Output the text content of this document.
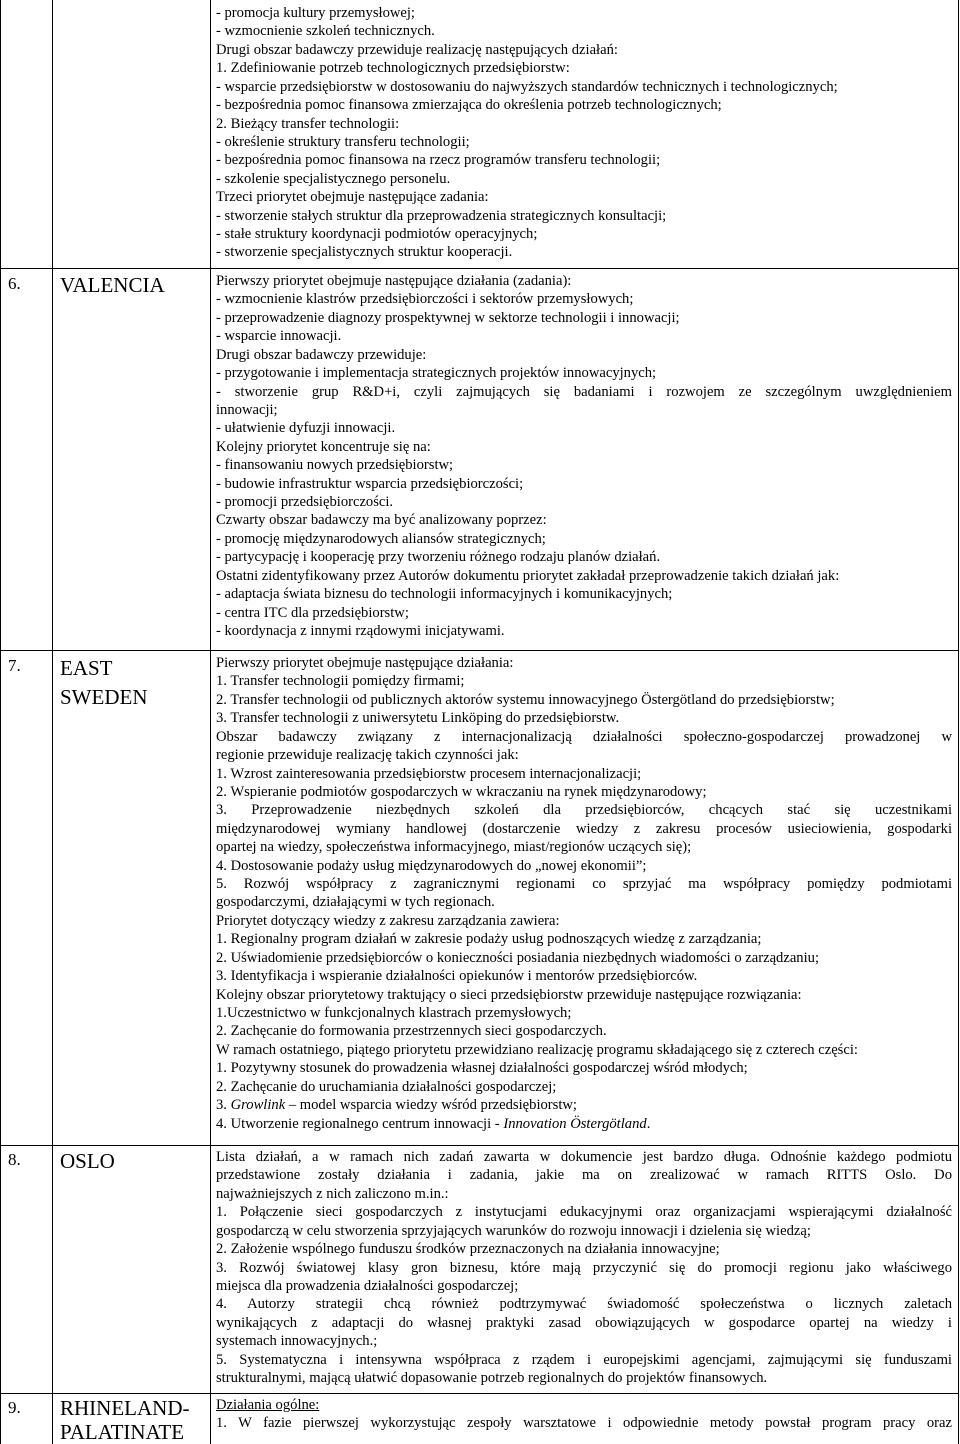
- promocja kultury przemysłowej;
- wzmocnienie szkoleń technicznych.
Drugi obszar badawczy przewiduje realizację następujących działań:
1. Zdefiniowanie potrzeb technologicznych przedsiębiorstw:
- wsparcie przedsiębiorstw w dostosowaniu do najwyższych standardów technicznych i technologicznych;
- bezpośrednia pomoc finansowa zmierzająca do określenia potrzeb technologicznych;
2. Bieżący transfer technologii:
- określenie struktury transferu technologii;
- bezpośrednia pomoc finansowa na rzecz programów transferu technologii;
- szkolenie specjalistycznego personelu.
Trzeci priorytet obejmuje następujące zadania:
- stworzenie stałych struktur dla przeprowadzenia strategicznych konsultacji;
- stałe struktury koordynacji podmiotów operacyjnych;
- stworzenie specjalistycznych struktur kooperacji.
6. VALENCIA	Pierwszy priorytet obejmuje następujące działania (zadania):
- wzmocnienie klastrów przedsiębiorczości i sektorów przemysłowych;
- przeprowadzenie diagnozy prospektywnej w sektorze technologii i innowacji;
- wsparcie innowacji.
Drugi obszar badawczy przewiduje:
- przygotowanie i implementacja strategicznych projektów innowacyjnych;
- stworzenie grup R&D+i, czyli zajmujących się badaniami i rozwojem ze szczególnym uwzględnieniem
innowacji;
- ułatwienie dyfuzji innowacji.
Kolejny priorytet koncentruje się na:
- finansowaniu nowych przedsiębiorstw;
- budowie infrastruktur wsparcia przedsiębiorczości;
- promocji przedsiębiorczości.
Czwarty obszar badawczy ma być analizowany poprzez:
- promocję międzynarodowych aliansów strategicznych;
- partycypację i kooperację przy tworzeniu różnego rodzaju planów działań.
Ostatni zidentyfikowany przez Autorów dokumentu priorytet zakładał przeprowadzenie takich działań jak:
- adaptacja świata biznesu do technologii informacyjnych i komunikacyjnych;
- centra ITC dla przedsiębiorstw;
- koordynacja z innymi rządowymi inicjatywami.
7. EAST
SWEDEN
Pierwszy priorytet obejmuje następujące działania:
1. Transfer technologii pomiędzy firmami;
2. Transfer technologii od publicznych aktorów systemu innowacyjnego Östergötland do przedsiębiorstw;
3. Transfer technologii z uniwersytetu Linköping do przedsiębiorstw.
Obszar badawczy związany z internacjonalizacją działalności społeczno-gospodarczej prowadzonej w
regionie przewiduje realizację takich czynności jak:
1. Wzrost zainteresowania przedsiębiorstw procesem internacjonalizacji;
2. Wspieranie podmiotów gospodarczych w wkraczaniu na rynek międzynarodowy;
3. Przeprowadzenie niezbędnych szkoleń dla przedsiębiorców, chcących stać się uczestnikami
międzynarodowej wymiany handlowej (dostarczenie wiedzy z zakresu procesów usieciowienia, gospodarki
opartej na wiedzy, społeczeństwa informacyjnego, miast/regionów uczących się);
4. Dostosowanie podaży usług międzynarodowych do „nowej ekonomii”;
5. Rozwój współpracy z zagranicznymi regionami co sprzyjać ma współpracy pomiędzy podmiotami
gospodarczymi, działającymi w tych regionach.
Priorytet dotyczący wiedzy z zakresu zarządzania zawiera:
1. Regionalny program działań w zakresie podaży usług podnoszących wiedzę z zarządzania;
2. Uświadomienie przedsiębiorców o konieczności posiadania niezbędnych wiadomości o zarządzaniu;
3. Identyfikacja i wspieranie działalności opiekunów i mentorów przedsiębiorców.
Kolejny obszar priorytetowy traktujący o sieci przedsiębiorstw przewiduje następujące rozwiązania:
1.Uczestnictwo w funkcjonalnych klastrach przemysłowych;
2. Zachęcanie do formowania przestrzennych sieci gospodarczych.
W ramach ostatniego, piątego priorytetu przewidziano realizację programu składającego się z czterech części:
1. Pozytywny stosunek do prowadzenia własnej działalności gospodarczej wśród młodych;
2. Zachęcanie do uruchamiania działalności gospodarczej;
3. Growlink – model wsparcia wiedzy wśród przedsiębiorstw;
4. Utworzenie regionalnego centrum innowacji - Innovation Östergötland.
8. OSLO	Lista działań, a w ramach nich zadań zawarta w dokumencie jest bardzo długa. Odnośnie każdego podmiotu
przedstawione zostały działania i zadania, jakie ma on zrealizować w ramach RITTS Oslo. Do
najważniejszych z nich zaliczono m.in.:
1. Połączenie sieci gospodarczych z instytucjami edukacyjnymi oraz organizacjami wspierającymi działalność
gospodarczą w celu stworzenia sprzyjających warunków do rozwoju innowacji i dzielenia się wiedzą;
2. Założenie wspólnego funduszu środków przeznaczonych na działania innowacyjne;
3. Rozwój światowej klasy gron biznesu, które mają przyczynić się do promocji regionu jako właściwego
miejsca dla prowadzenia działalności gospodarczej;
4. Autorzy strategii chcą również podtrzymywać świadomość społeczeństwa o licznych zaletach
wynikających z adaptacji do własnej praktyki zasad obowiązujących w gospodarce opartej na wiedzy i
systemach innowacyjnych.;
5. Systematyczna i intensywna współpraca z rządem i europejskimi agencjami, zajmującymi się funduszami
strukturalnymi, mającą ułatwić dopasowanie potrzeb regionalnych do projektów finansowych.
9. RHINELAND-
PALATINATE
Działania ogólne:
1. W fazie pierwszej wykorzystując zespoły warsztatowe i odpowiednie metody powstał program pracy oraz
